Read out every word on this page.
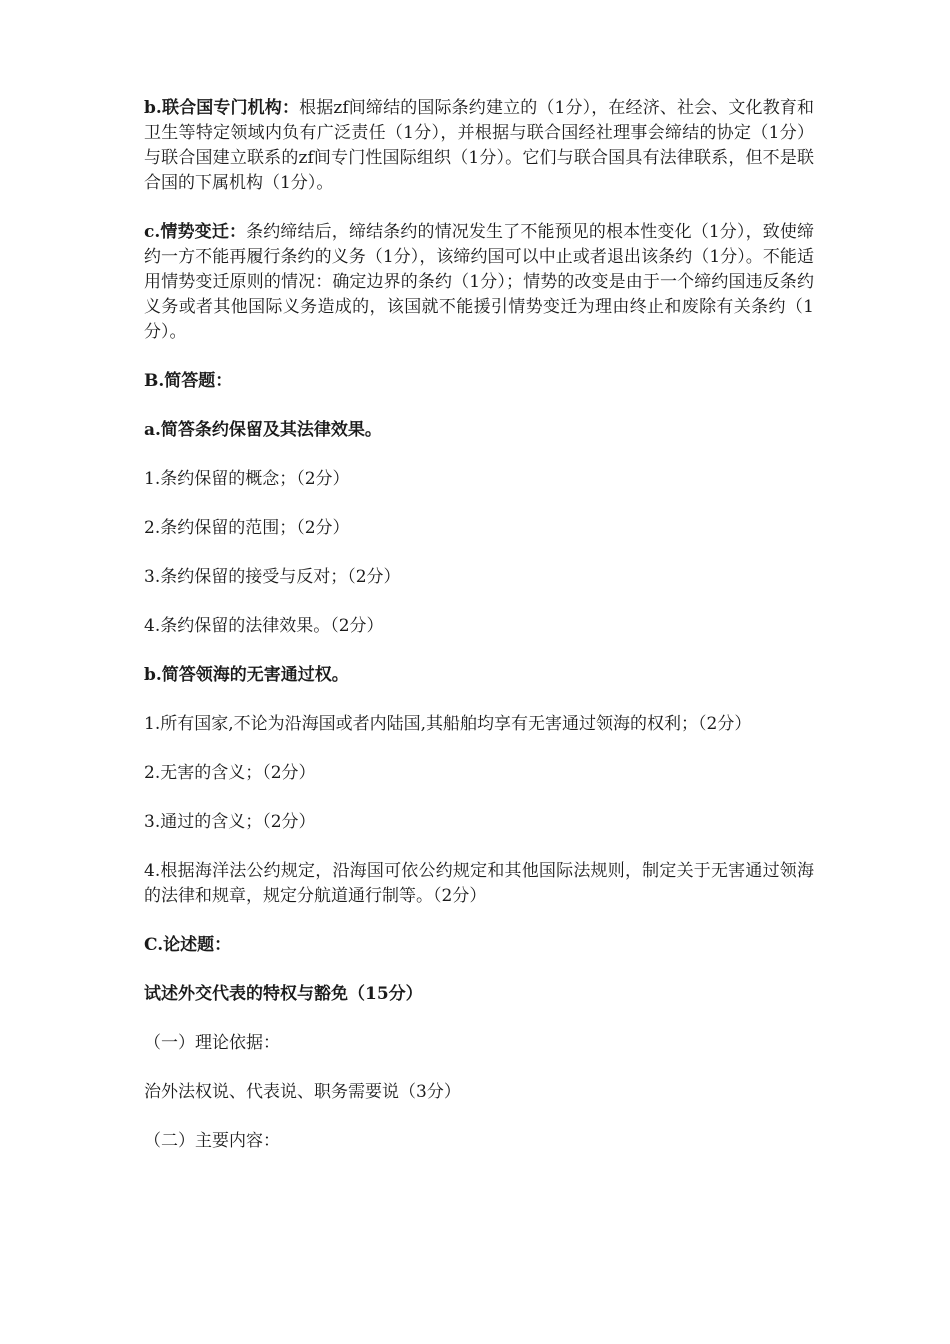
b.联合国专门机构：根据zf间缔结的国际条约建立的（1分），在经济、社会、文化教育和卫生等特定领域内负有广泛责任（1分），并根据与联合国经社理事会缔结的协定（1分）与联合国建立联系的zf间专门性国际组织（1分）。它们与联合国具有法律联系，但不是联合国的下属机构（1分）。

c.情势变迁：条约缔结后，缔结条约的情况发生了不能预见的根本性变化（1分），致使缔约一方不能再履行条约的义务（1分），该缔约国可以中止或者退出该条约（1分）。不能适用情势变迁原则的情况：确定边界的条约（1分）；情势的改变是由于一个缔约国违反条约义务或者其他国际义务造成的，该国就不能援引情势变迁为理由终止和废除有关条约（1分）。

B.简答题：
a.简答条约保留及其法律效果。

1.条约保留的概念；（2分）

2.条约保留的范围；（2分）

3.条约保留的接受与反对；（2分）

4.条约保留的法律效果。（2分）

b.简答领海的无害通过权。

1.所有国家,不论为沿海国或者内陆国,其船舶均享有无害通过领海的权利；（2分）

2.无害的含义；（2分）

3.通过的含义；（2分）

4.根据海洋法公约规定，沿海国可依公约规定和其他国际法规则，制定关于无害通过领海的法律和规章，规定分航道通行制等。（2分）

C.论述题：
试述外交代表的特权与豁免（15分）

（一）理论依据：

治外法权说、代表说、职务需要说（3分）

（二）主要内容：
